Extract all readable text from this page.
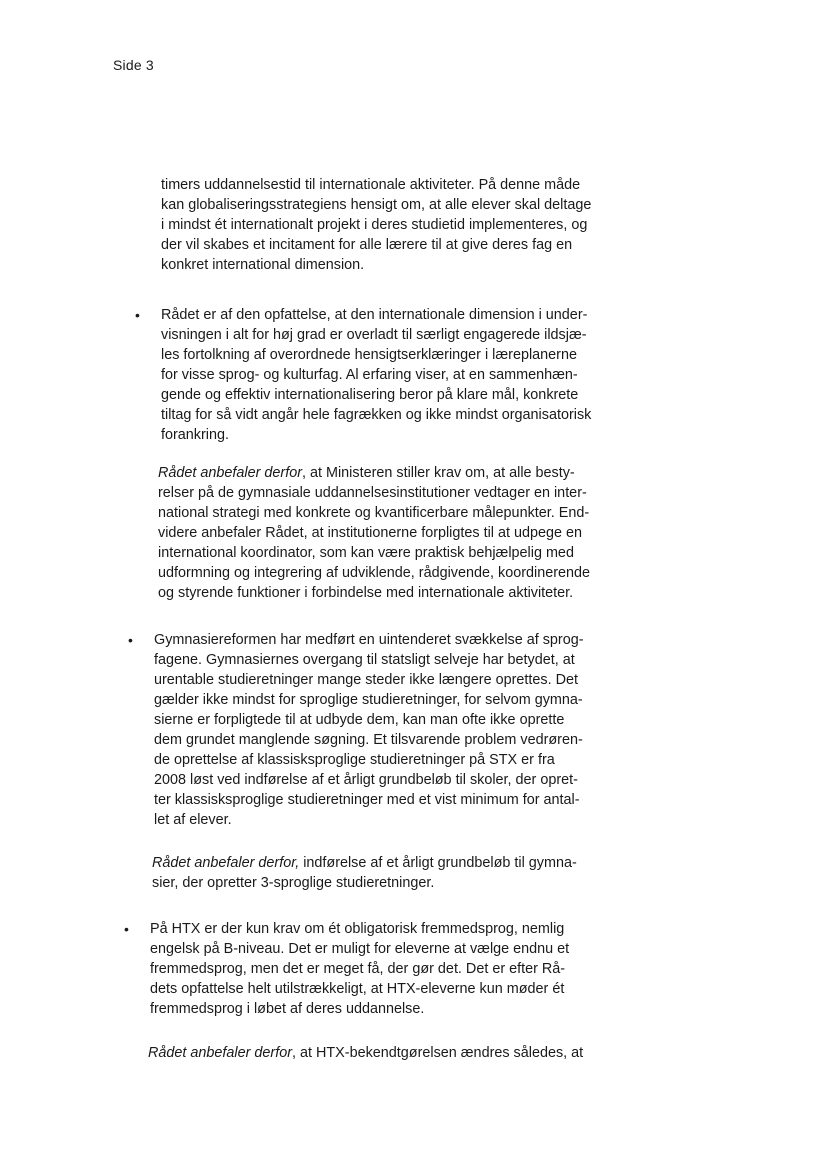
Side 3
timers uddannelsestid til internationale aktiviteter. På denne måde
kan globaliseringsstrategiens hensigt om, at alle elever skal deltage
i mindst ét internationalt projekt i deres studietid implementeres, og
der vil skabes et incitament for alle lærere til at give deres fag en
konkret international dimension.
• Rådet er af den opfattelse, at den internationale dimension i under-
visningen i alt for høj grad er overladt til særligt engagerede ildsjæ-
les fortolkning af overordnede hensigtserklæringer i læreplanerne
for visse sprog- og kulturfag. Al erfaring viser, at en sammenhæn-
gende og effektiv internationalisering beror på klare mål, konkrete
tiltag for så vidt angår hele fagrækken og ikke mindst organisatorisk
forankring.
Rådet anbefaler derfor, at Ministeren stiller krav om, at alle besty-
relser på de gymnasiale uddannelsesinstitutioner vedtager en inter-
national strategi med konkrete og kvantificerbare målepunkter. End-
videre anbefaler Rådet, at institutionerne forpligtes til at udpege en
international koordinator, som kan være praktisk behjælpelig med
udformning og integrering af udviklende, rådgivende, koordinerende
og styrende funktioner i forbindelse med internationale aktiviteter.
• Gymnasiereformen har medført en uintenderet svækkelse af sprog-
fagene. Gymnasiernes overgang til statsligt selveje har betydet, at
urentable studieretninger mange steder ikke længere oprettes. Det
gælder ikke mindst for sproglige studieretninger, for selvom gymna-
sierne er forpligtede til at udbyde dem, kan man ofte ikke oprette
dem grundet manglende søgning. Et tilsvarende problem vedrøren-
de oprettelse af klassisksproglige studieretninger på STX er fra
2008 løst ved indførelse af et årligt grundbeløb til skoler, der opret-
ter klassisksproglige studieretninger med et vist minimum for antal-
let af elever.
Rådet anbefaler derfor, indførelse af et årligt grundbeløb til gymna-
sier, der opretter 3-sproglige studieretninger.
• På HTX er der kun krav om ét obligatorisk fremmedsprog, nemlig
engelsk på B-niveau. Det er muligt for eleverne at vælge endnu et
fremmedsprog, men det er meget få, der gør det. Det er efter Rå-
dets opfattelse helt utilstrækkeligt, at HTX-eleverne kun møder ét
fremmedsprog i løbet af deres uddannelse.
Rådet anbefaler derfor, at HTX-bekendtgørelsen ændres således, at
